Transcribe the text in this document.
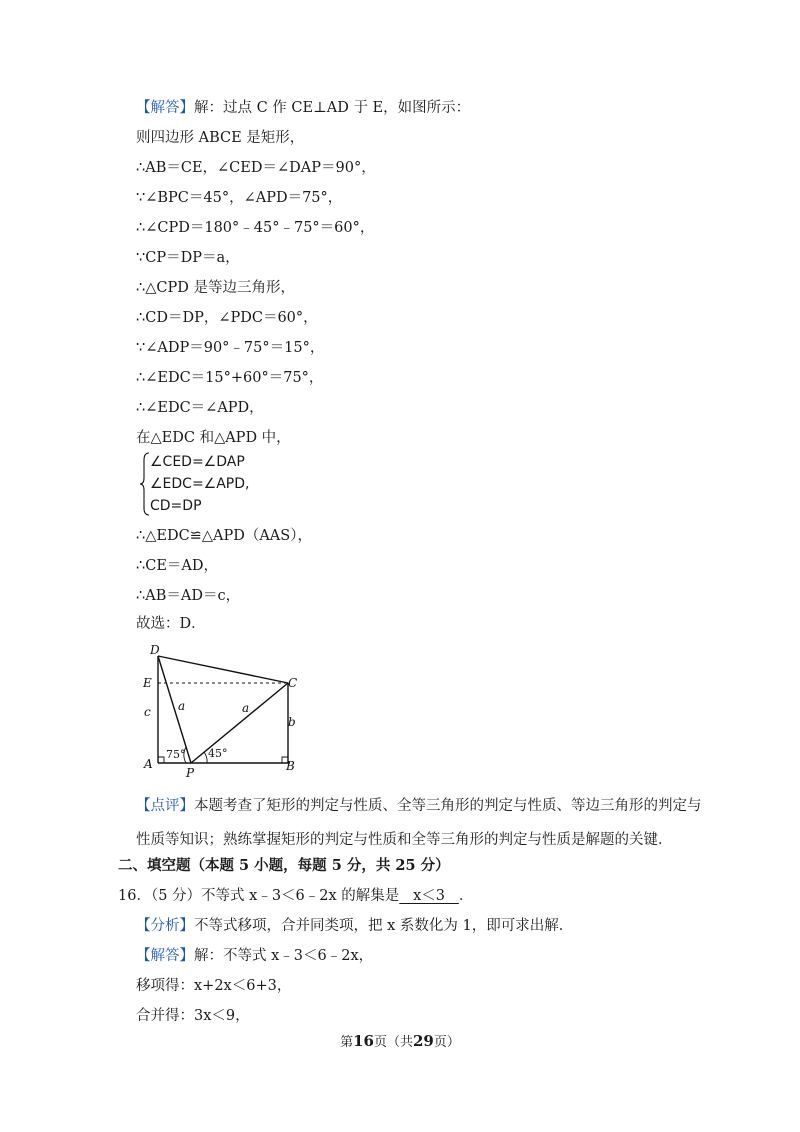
【解答】解：过点 C 作 CE⊥AD 于 E，如图所示：
则四边形 ABCE 是矩形，
∴AB＝CE，∠CED＝∠DAP＝90°，
∵∠BPC＝45°，∠APD＝75°，
∴∠CPD＝180°﹣45°﹣75°＝60°，
∵CP＝DP＝a，
∴△CPD 是等边三角形，
∴CD＝DP，∠PDC＝60°，
∵∠ADP＝90°﹣75°＝15°，
∴∠EDC＝15°+60°＝75°，
∴∠EDC＝∠APD，
在△EDC 和△APD 中，
∠CED=∠DAP
∠EDC=∠APD,
CD=DP
∴△EDC≌△APD（AAS），
∴CE＝AD，
∴AB＝AD＝c，
故选：D．
D
E	C
A
P	B
c a	a
b
75° 45°
【点评】本题考查了矩形的判定与性质、全等三角形的判定与性质、等边三角形的判定与
性质等知识；熟练掌握矩形的判定与性质和全等三角形的判定与性质是解题的关键．
二、填空题（本题 5 小题，每题 5 分，共 25 分）
16．（5 分）不等式 x﹣3＜6﹣2x 的解集是   x＜3   ．
【分析】不等式移项，合并同类项，把 x 系数化为 1，即可求出解．
【解答】解：不等式 x﹣3＜6﹣2x，
移项得：x+2x＜6+3，
合并得：3x＜9，
第16页（共29页）
